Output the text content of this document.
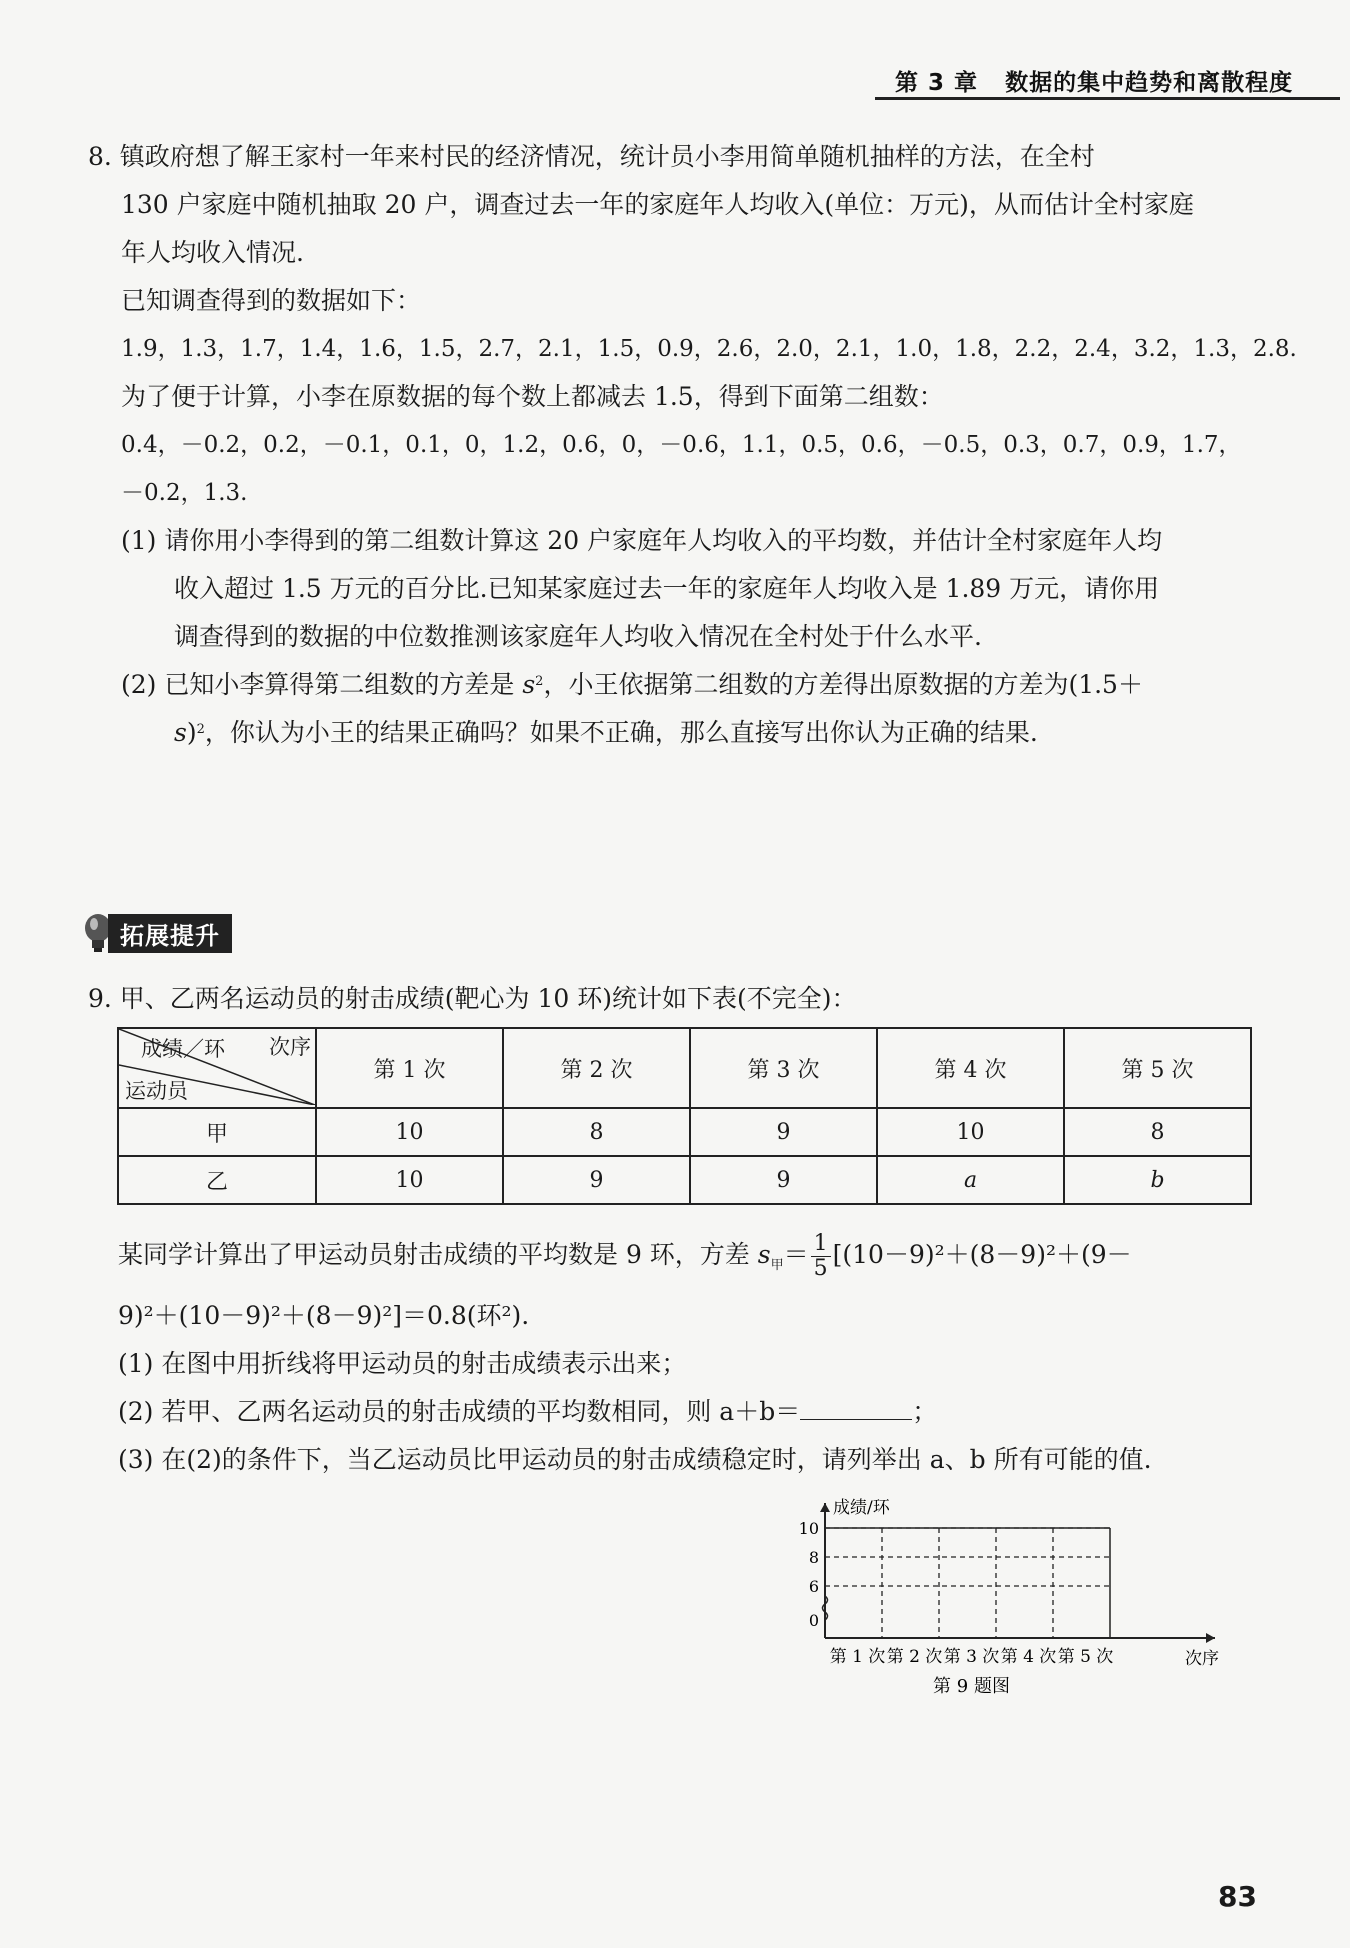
第 3 章 数据的集中趋势和离散程度
8. 镇政府想了解王家村一年来村民的经济情况，统计员小李用简单随机抽样的方法，在全村
130 户家庭中随机抽取 20 户，调查过去一年的家庭年人均收入(单位：万元)，从而估计全村家庭
年人均收入情况.
已知调查得到的数据如下：
1.9，1.3，1.7，1.4，1.6，1.5，2.7，2.1，1.5，0.9，2.6，2.0，2.1，1.0，1.8，2.2，2.4，3.2，1.3，2.8.
为了便于计算，小李在原数据的每个数上都减去 1.5，得到下面第二组数：
0.4，－0.2，0.2，－0.1，0.1，0，1.2，0.6，0，－0.6，1.1，0.5，0.6，－0.5，0.3，0.7，0.9，1.7，
－0.2，1.3.
(1) 请你用小李得到的第二组数计算这 20 户家庭年人均收入的平均数，并估计全村家庭年人均
收入超过 1.5 万元的百分比.已知某家庭过去一年的家庭年人均收入是 1.89 万元，请你用
调查得到的数据的中位数推测该家庭年人均收入情况在全村处于什么水平.
(2) 已知小李算得第二组数的方差是 $s^2$，小王依据第二组数的方差得出原数据的方差为(1.5＋
s)$^2$，你认为小王的结果正确吗？如果不正确，那么直接写出你认为正确的结果.
拓展提升
9. 甲、乙两名运动员的射击成绩(靶心为 10 环)统计如下表(不完全)：
次序
成绩／环
运动员	第 1 次	第 2 次	第 3 次	第 4 次	第 5 次
甲	10	8	9	10	8
乙	10	9	9	a	b
某同学计算出了甲运动员射击成绩的平均数是 9 环，方差 $s_甲= \frac{1}{5} [(10-9)^2+(8-9)^2+(9-$
9)²＋(10－9)²＋(8－9)²]＝0.8(环²).
(1) 在图中用折线将甲运动员的射击成绩表示出来；
(2) 若甲、乙两名运动员的射击成绩的平均数相同，则 a＋b＝	；
(3) 在(2)的条件下，当乙运动员比甲运动员的射击成绩稳定时，请列举出 a、b 所有可能的值.
10
8
6
0
成绩/环
第 1 次 第 2 次 第 3 次 第 4 次 第 5 次	次序
第 9 题图
83
